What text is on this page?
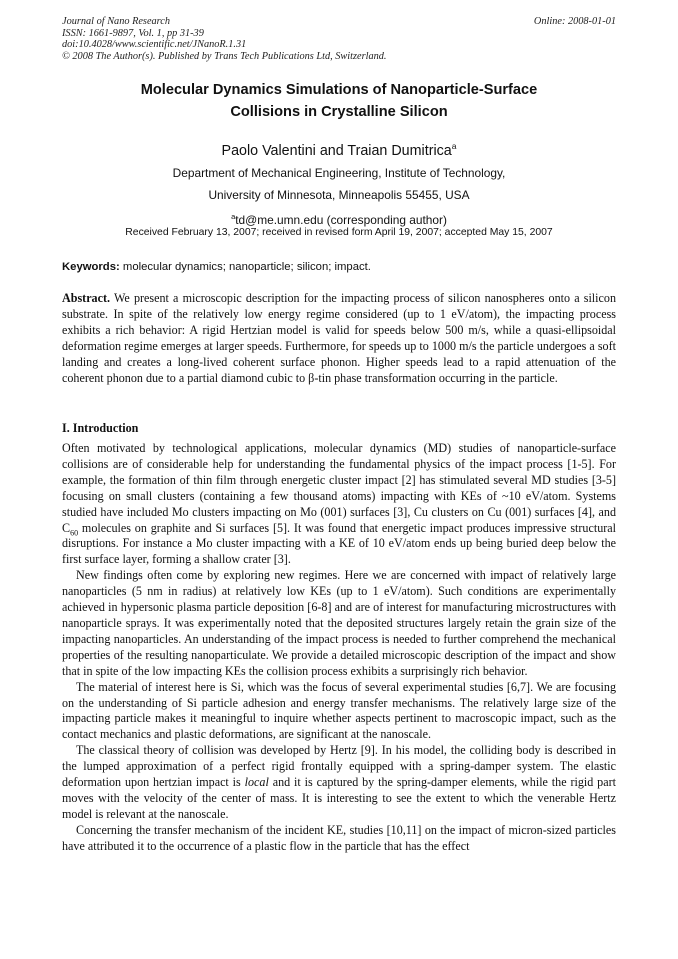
Journal of Nano Research
ISSN: 1661-9897, Vol. 1, pp 31-39
doi:10.4028/www.scientific.net/JNanoR.1.31
© 2008 The Author(s). Published by Trans Tech Publications Ltd, Switzerland.
Online: 2008-01-01
Molecular Dynamics Simulations of Nanoparticle-Surface
Collisions in Crystalline Silicon
Paolo Valentini and Traian Dumitrica$^a$
Department of Mechanical Engineering, Institute of Technology,
University of Minnesota, Minneapolis 55455, USA
$^a$td@me.umn.edu (corresponding author)
Received February 13, 2007; received in revised form April 19, 2007; accepted May 15, 2007
Keywords: molecular dynamics; nanoparticle; silicon; impact.

Abstract. We present a microscopic description for the impacting process of silicon nanospheres onto a silicon substrate. In spite of the relatively low energy regime considered (up to 1 eV/atom), the impacting process exhibits a rich behavior: A rigid Hertzian model is valid for speeds below 500 m/s, while a quasi-ellipsoidal deformation regime emerges at larger speeds. Furthermore, for speeds up to 1000 m/s the particle undergoes a soft landing and creates a long-lived coherent surface phonon. Higher speeds lead to a rapid attenuation of the coherent phonon due to a partial diamond cubic to β-tin phase transformation occurring in the particle.

I. Introduction

Often motivated by technological applications, molecular dynamics (MD) studies of nanoparticle-surface collisions are of considerable help for understanding the fundamental physics of the impact process [1-5]. For example, the formation of thin film through energetic cluster impact [2] has stimulated several MD studies [3-5] focusing on small clusters (containing a few thousand atoms) impacting with KEs of ~10 eV/atom. Systems studied have included Mo clusters impacting on Mo (001) surfaces [3], Cu clusters on Cu (001) surfaces [4], and $C_{60}$ molecules on graphite and Si surfaces [5]. It was found that energetic impact produces impressive structural disruptions. For instance a Mo cluster impacting with a KE of 10 eV/atom ends up being buried deep below the first surface layer, forming a shallow crater [3].

New findings often come by exploring new regimes. Here we are concerned with impact of relatively large nanoparticles (5 nm in radius) at relatively low KEs (up to 1 eV/atom). Such conditions are experimentally achieved in hypersonic plasma particle deposition [6-8] and are of interest for manufacturing microstructures with nanoparticle sprays. It was experimentally noted that the deposited structures largely retain the grain size of the impacting nanoparticles. An understanding of the impact process is needed to further comprehend the mechanical properties of the resulting nanoparticulate. We provide a detailed microscopic description of the impact and show that in spite of the low impacting KEs the collision process exhibits a surprisingly rich behavior.

The material of interest here is Si, which was the focus of several experimental studies [6,7]. We are focusing on the understanding of Si particle adhesion and energy transfer mechanisms. The relatively large size of the impacting particle makes it meaningful to inquire whether aspects pertinent to macroscopic impact, such as the contact mechanics and plastic deformations, are significant at the nanoscale.

The classical theory of collision was developed by Hertz [9]. In his model, the colliding body is described in the lumped approximation of a perfect rigid frontally equipped with a spring-damper system. The elastic deformation upon hertzian impact is local and it is captured by the spring-damper elements, while the rigid part moves with the velocity of the center of mass. It is interesting to see the extent to which the venerable Hertz model is relevant at the nanoscale.

Concerning the transfer mechanism of the incident KE, studies [10,11] on the impact of micron-sized particles have attributed it to the occurrence of a plastic flow in the particle that has the effect
